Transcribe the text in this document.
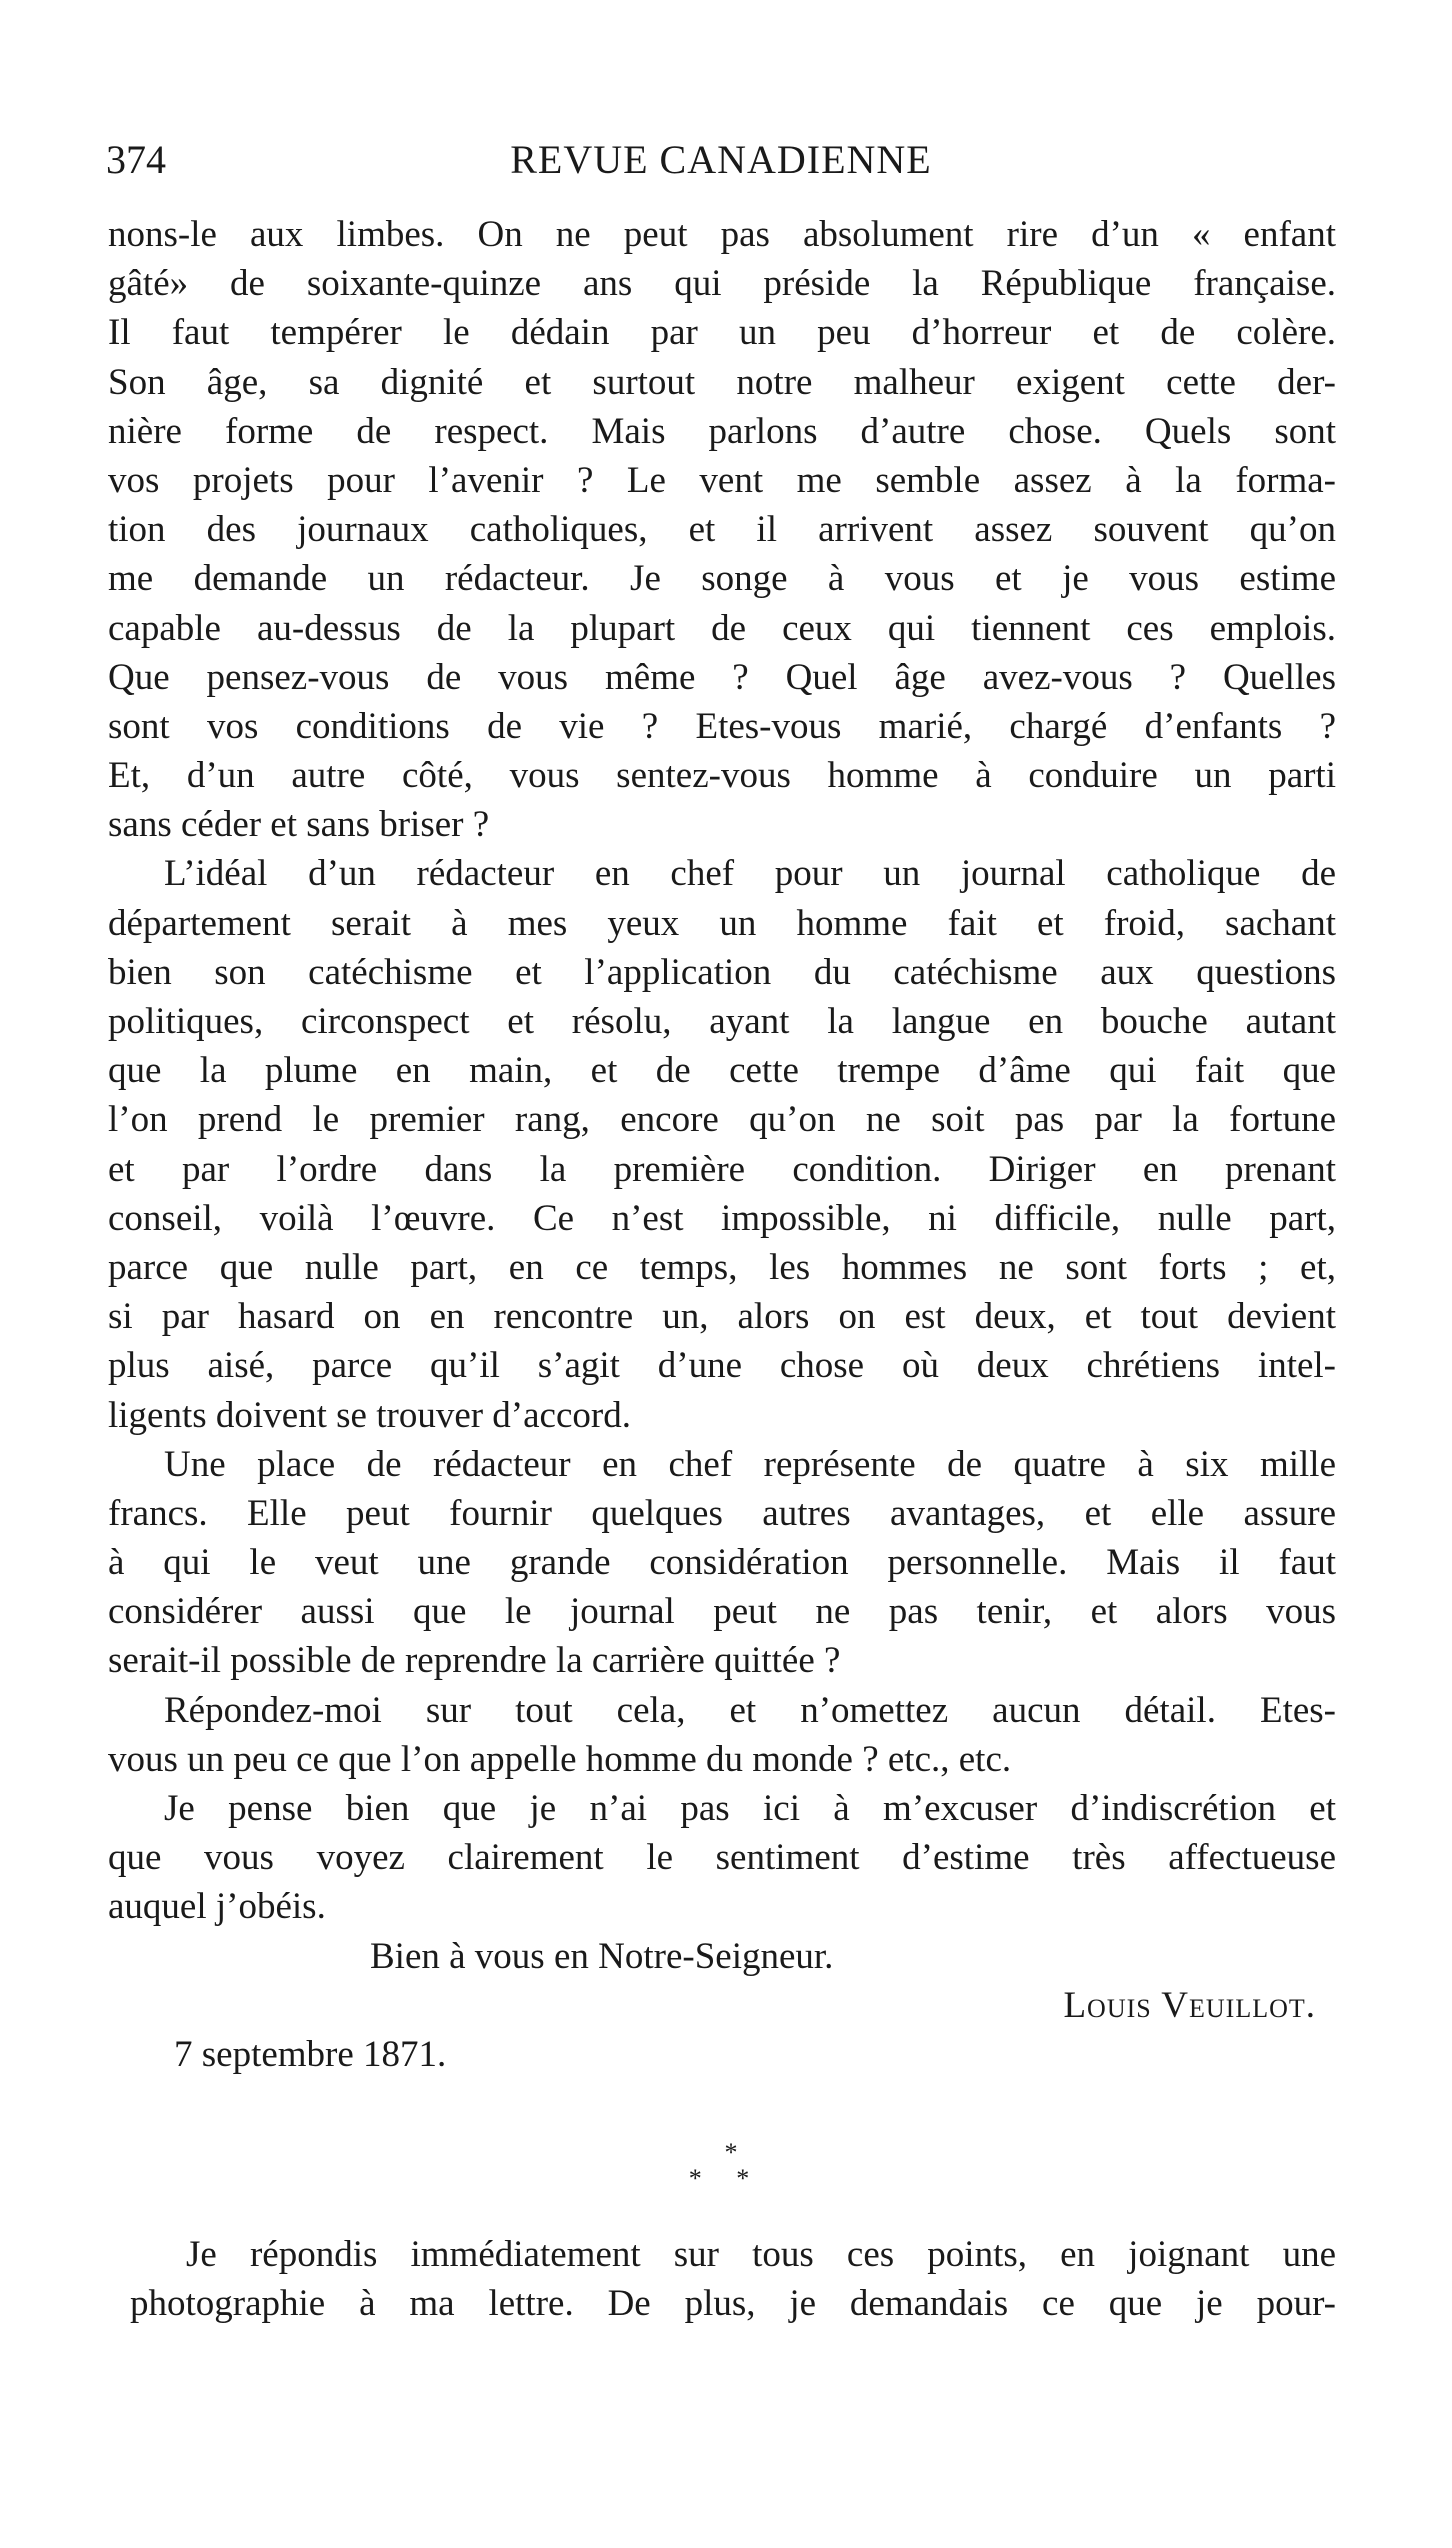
374	REVUE CANADIENNE
nons-le aux limbes. On ne peut pas absolument rire d’un « enfant
gâté» de soixante-quinze ans qui préside la République française.
Il faut tempérer le dédain par un peu d’horreur et de colère.
Son âge, sa dignité et surtout notre malheur exigent cette der-
nière forme de respect. Mais parlons d’autre chose. Quels sont
vos projets pour l’avenir ? Le vent me semble assez à la forma-
tion des journaux catholiques, et il arrivent assez souvent qu’on
me demande un rédacteur. Je songe à vous et je vous estime
capable au-dessus de la plupart de ceux qui tiennent ces emplois.
Que pensez-vous de vous même ? Quel âge avez-vous ? Quelles
sont vos conditions de vie ? Etes-vous marié, chargé d’enfants ?
Et, d’un autre côté, vous sentez-vous homme à conduire un parti
sans céder et sans briser ?
L’idéal d’un rédacteur en chef pour un journal catholique de
département serait à mes yeux un homme fait et froid, sachant
bien son catéchisme et l’application du catéchisme aux questions
politiques, circonspect et résolu, ayant la langue en bouche autant
que la plume en main, et de cette trempe d’âme qui fait que
l’on prend le premier rang, encore qu’on ne soit pas par la fortune
et par l’ordre dans la première condition. Diriger en prenant
conseil, voilà l’œuvre. Ce n’est impossible, ni difficile, nulle part,
parce que nulle part, en ce temps, les hommes ne sont forts ; et,
si par hasard on en rencontre un, alors on est deux, et tout devient
plus aisé, parce qu’il s’agit d’une chose où deux chrétiens intel-
ligents doivent se trouver d’accord.
Une place de rédacteur en chef représente de quatre à six mille
francs. Elle peut fournir quelques autres avantages, et elle assure
à qui le veut une grande considération personnelle. Mais il faut
considérer aussi que le journal peut ne pas tenir, et alors vous
serait-il possible de reprendre la carrière quittée ?
Répondez-moi sur tout cela, et n’omettez aucun détail. Etes-
vous un peu ce que l’on appelle homme du monde ? etc., etc.
Je pense bien que je n’ai pas ici à m’excuser d’indiscrétion et
que vous voyez clairement le sentiment d’estime très affectueuse
auquel j’obéis.
Bien à vous en Notre-Seigneur.
Louis Veuillot.
7 septembre 1871.
*
* *
Je répondis immédiatement sur tous ces points, en joignant une
photographie à ma lettre. De plus, je demandais ce que je pour-
